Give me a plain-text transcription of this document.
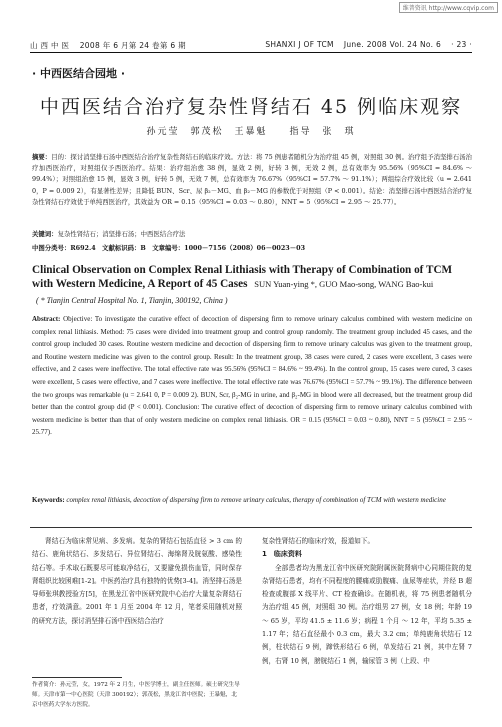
维普资讯 http://www.cqvip.com
山 西 中 医　 2008 年 6 月第 24 卷第 6 期	SHANXI J OF TCM June. 2008 Vol. 24 No. 6 · 23 ·
· 中西医结合园地 ·
中西医结合治疗复杂性肾结石 45 例临床观察
孙元莹　郭茂松　王暴魁　　指导　张　琪
摘要：目的：探讨消坚排石汤中西医结合治疗复杂性肾结石的临床疗效。方法：将 75 例患者随机分为治疗组 45 例，对照组 30 例。治疗组予消坚排石汤治疗加西医治疗，对照组仅予西医治疗。结果：治疗组治愈 38 例，显效 2 例，好转 3 例，无效 2 例，总有效率为 95.56%（95%CI = 84.6% ～ 99.4%）；对照组治愈 15 例，显效 3 例，好转 5 例，无效 7 例，总有效率为 76.67%（95%CI = 57.7% ～ 91.1%）；两组综合疗效比较（u = 2.641 0，P = 0.009 2），有显著性差异；且降低 BUN、Scr、尿 β₂－MG、血 β₂－MG 的参数优于对照组（P < 0.001）。结论：消坚排石汤中西医结合治疗复杂性肾结石疗效优于单纯西医治疗，其效益为 OR = 0.15（95%CI = 0.03 ～ 0.80），NNT = 5（95%CI = 2.95 ～ 25.77）。
关键词：复杂性肾结石；消坚排石汤；中西医结合疗法
中图分类号：R692.4　文献标识码：B　文章编号：1000－7156（2008）06－0023－03
Clinical Observation on Complex Renal Lithiasis with Therapy of Combination of TCM with Western Medicine, A Report of 45 Cases SUN Yuan-ying *, GUO Mao-song, WANG Bao-kui
( * Tianjin Central Hospital No. 1, Tianjin, 300192, China )
Abstract: Objective: To investigate the curative effect of decoction of dispersing firm to remove urinary calculus combined with western medicine on complex renal lithiasis. Method: 75 cases were divided into treatment group and control group randomly. The treatment group included 45 cases, and the control group included 30 cases. Routine western medicine and decoction of dispersing firm to remove urinary calculus was given to the treatment group, and Routine western medicine was given to the control group. Result: In the treatment group, 38 cases were cured, 2 cases were excellent, 3 cases were effective, and 2 cases were ineffective. The total effective rate was 95.56% (95%CI = 84.6% ~ 99.4%). In the control group, 15 cases were cured, 3 cases were excellent, 5 cases were effective, and 7 cases were ineffective. The total effective rate was 76.67% (95%CI = 57.7% ~ 99.1%). The difference between the two groups was remarkable (u = 2.641 0, P = 0.009 2). BUN, Scr, β₂-MG in urine, and β₂-MG in blood were all decreased, but the treatment group did better than the control group did (P < 0.001). Conclusion: The curative effect of decoction of dispersing firm to remove urinary calculus combined with western medicine is better than that of only western medicine on complex renal lithiasis. OR = 0.15 (95%CI = 0.03 ~ 0.80), NNT = 5 (95%CI = 2.95 ~ 25.77).
Keywords: complex renal lithiasis, decoction of dispersing firm to remove urinary calculus, therapy of combination of TCM with western medicine

肾结石为临床常见病、多发病。复杂的肾结石包括直径 > 3 cm 的结石、鹿角状结石、多发结石、异位肾结石、海绵肾及胱氨酸、感染性结石等。手术取石既要尽可能取净结石，又要避免损伤血管，同时保存肾组织比较困难[1-2]。中医药治疗具有独特的优势[3-4]。消坚排石汤是导师张琪教授验方[5]，在黑龙江省中医研究院中心治疗大量复杂肾结石患者，疗效满意。2001 年 1 月至 2004 年 12 月，笔者采用随机对照的研究方法，探讨消坚排石汤中西医结合治疗

复杂性肾结石的临床疗效，报道如下。

1　临床资料

全部患者均为黑龙江省中医研究院附属医院肾病中心同期住院的复杂肾结石患者，均有不同程度的腰痛或肋腹痛、血尿等症状，并经 B 超检查或腹部 X 线平片、CT 检查确诊。在随机表，将 75 例患者随机分为治疗组 45 例，对照组 30 例。治疗组男 27 例，女 18 例；年龄 19 ～ 65 岁，平均 41.5 ± 11.6 岁；病程 1 个月 ～ 12 年，平均 5.35 ± 1.17 年；结石直径最小 0.3 cm，最大 3.2 cm；单纯鹿角状结石 12 例，柱状结石 9 例，蹄铁形结石 6 例，单发结石 21 例，其中左肾 7 例，右肾 10 例，膀胱结石 1 例，输尿管 3 例（上段、中

作者简介：孙元莹，女，1972 年 2 月生，中医学博士，副主任医师。硕士研究生导师。天津市第一中心医院（天津 300192）；郭茂松，黑龙江省中医院；王暴魁，北京中医药大学东方医院。
